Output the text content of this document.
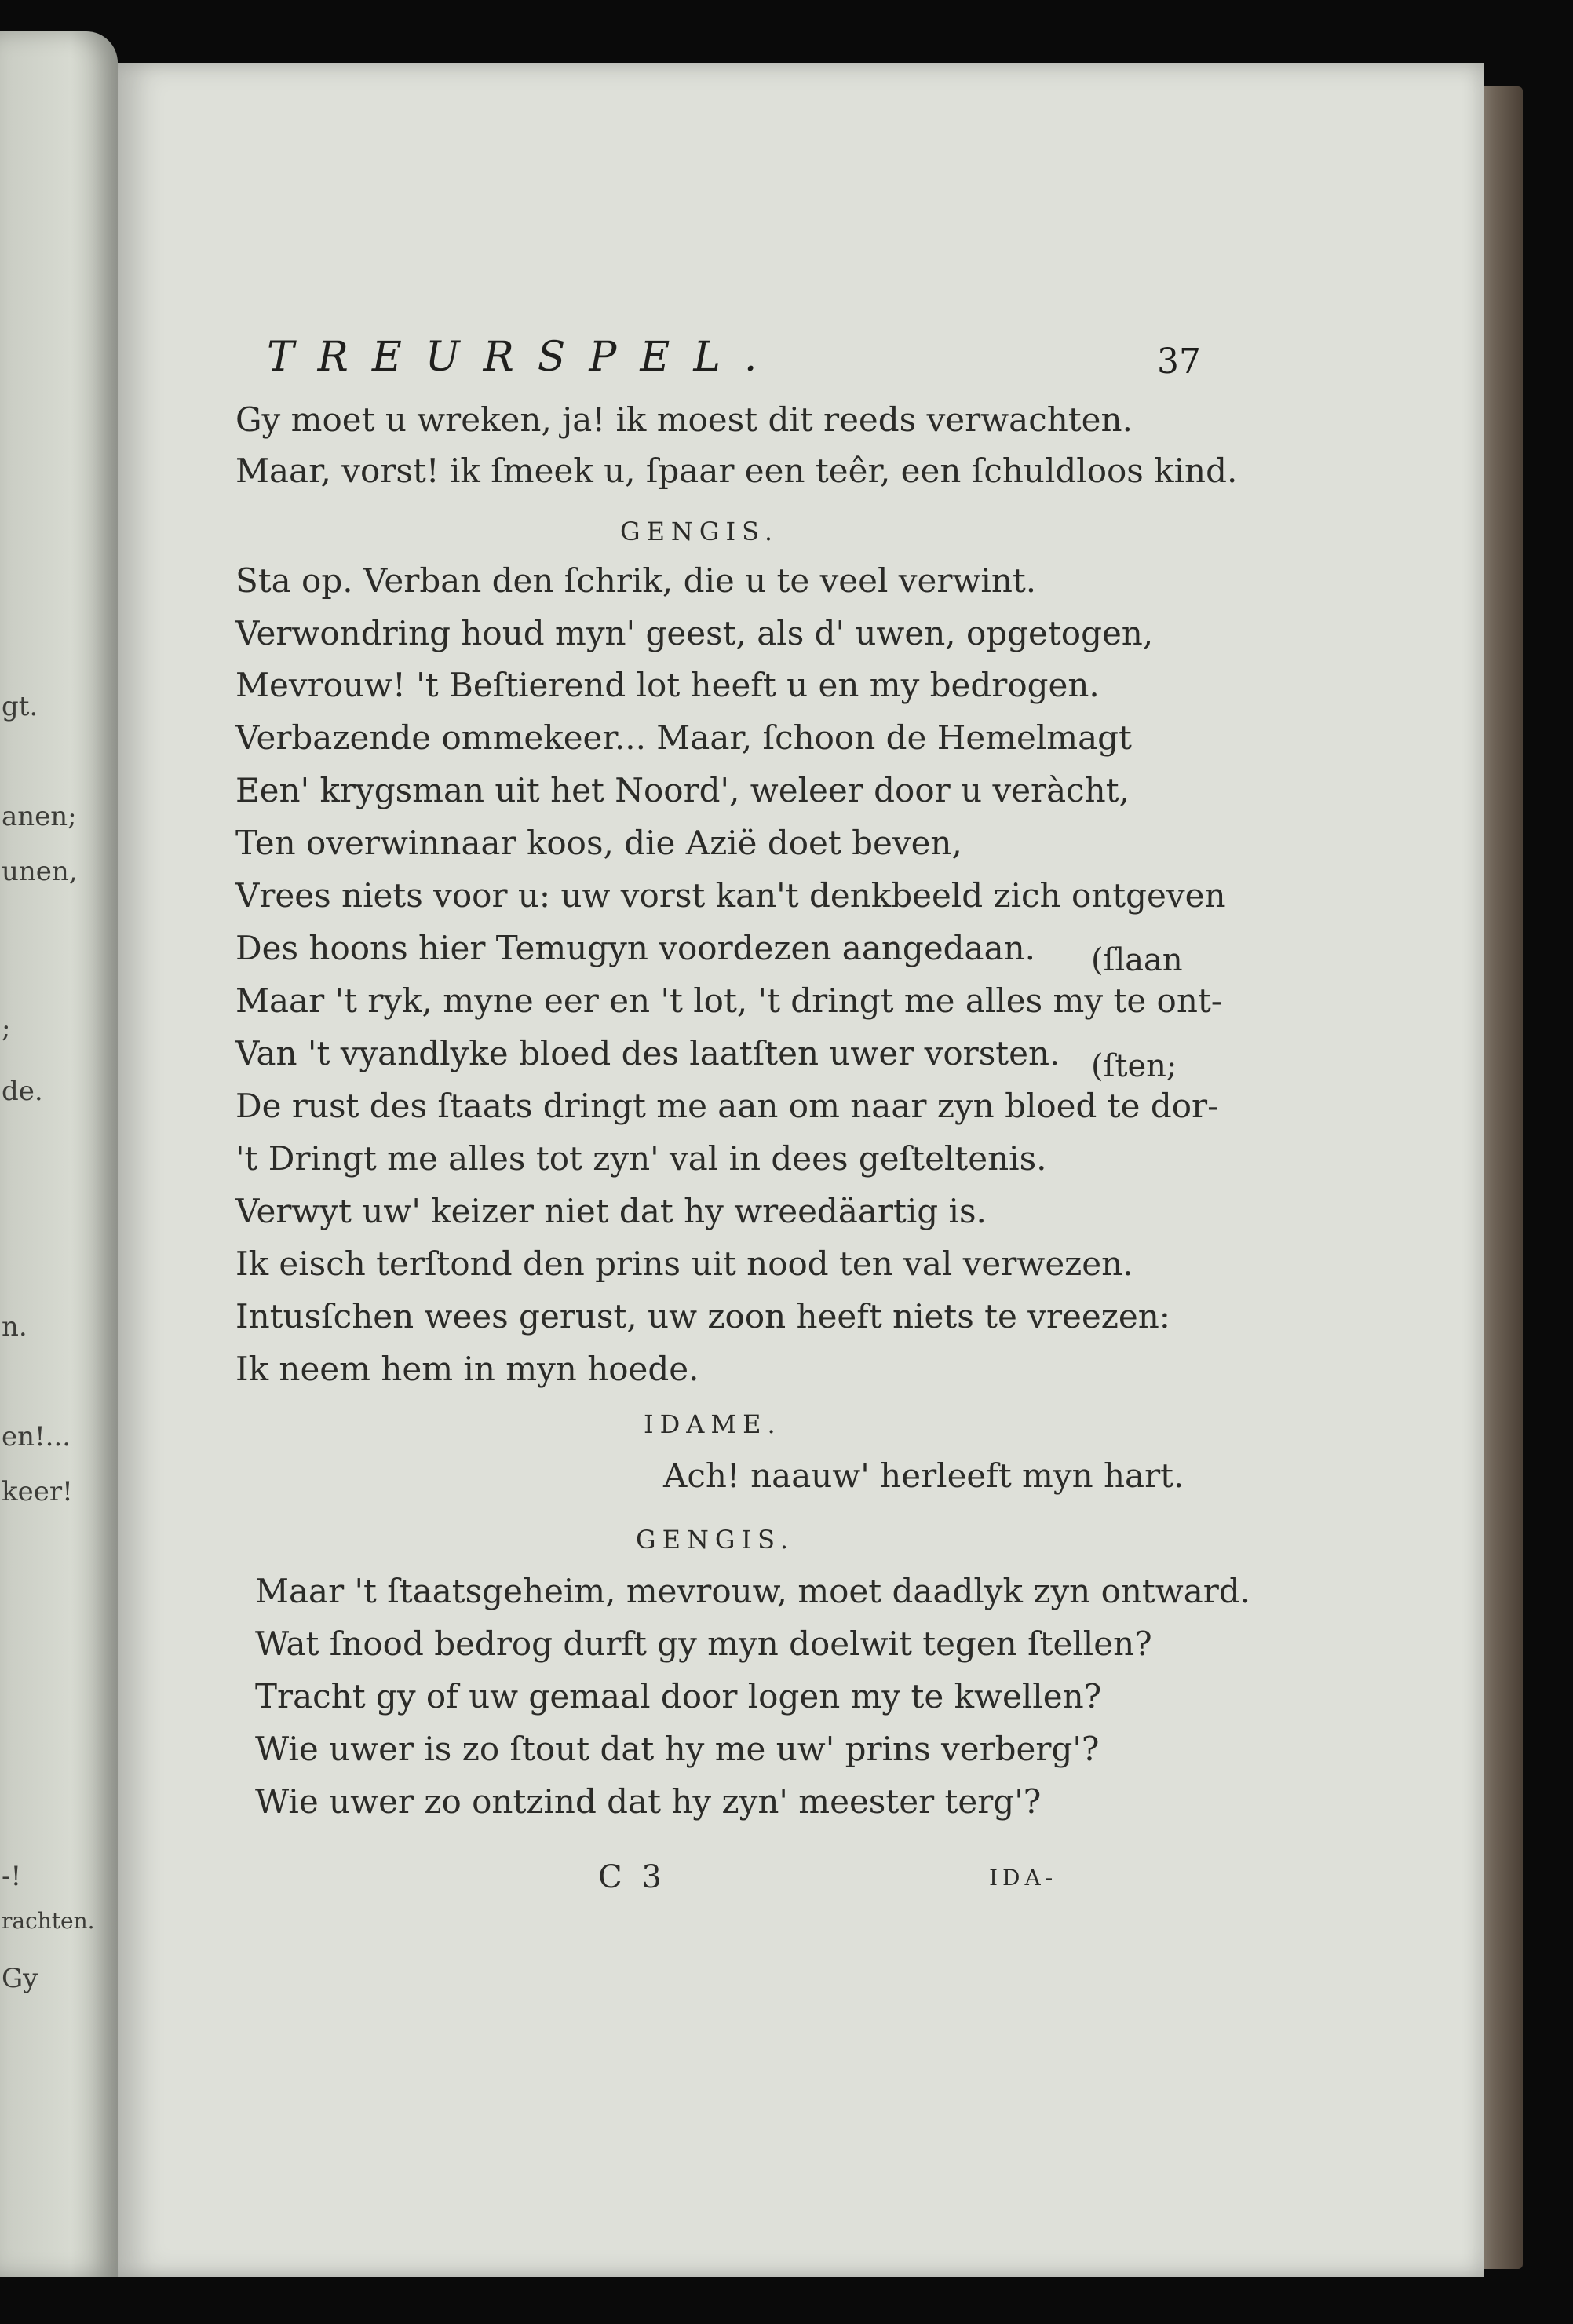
gt.
anen;
unen,
;
de.
n.
en!...
keer!
-!
rachten.
Gy
TREURSPEL.	37
Gy moet u wreken, ja! ik moest dit reeds verwachten.
Maar, vorst! ik ſmeek u, ſpaar een teêr, een ſchuldloos kind.
GENGIS.
Sta op. Verban den ſchrik, die u te veel verwint.
Verwondring houd myn' geest, als d' uwen, opgetogen,
Mevrouw! 't Beſtierend lot heeft u en my bedrogen.
Verbazende ommekeer... Maar, ſchoon de Hemelmagt
Een' krygsman uit het Noord', weleer door u veràcht,
Ten overwinnaar koos, die Azië doet beven,
Vrees niets voor u: uw vorst kan't denkbeeld zich ontgeven
Des hoons hier Temugyn voordezen aangedaan. (ſlaan
Maar 't ryk, myne eer en 't lot, 't dringt me alles my te ont-
Van 't vyandlyke bloed des laatſten uwer vorsten. (ſten;
De rust des ſtaats dringt me aan om naar zyn bloed te dor-
't Dringt me alles tot zyn' val in dees geſteltenis.
Verwyt uw' keizer niet dat hy wreedäartig is.
Ik eisch terſtond den prins uit nood ten val verwezen.
Intusſchen wees gerust, uw zoon heeft niets te vreezen:
Ik neem hem in myn hoede.
IDAME.
Ach! naauw' herleeft myn hart.
GENGIS.
Maar 't ſtaatsgeheim, mevrouw, moet daadlyk zyn ontward.
Wat ſnood bedrog durft gy myn doelwit tegen ſtellen?
Tracht gy of uw gemaal door logen my te kwellen?
Wie uwer is zo ſtout dat hy me uw' prins verberg'?
Wie uwer zo ontzind dat hy zyn' meester terg'?
C 3	IDA-
